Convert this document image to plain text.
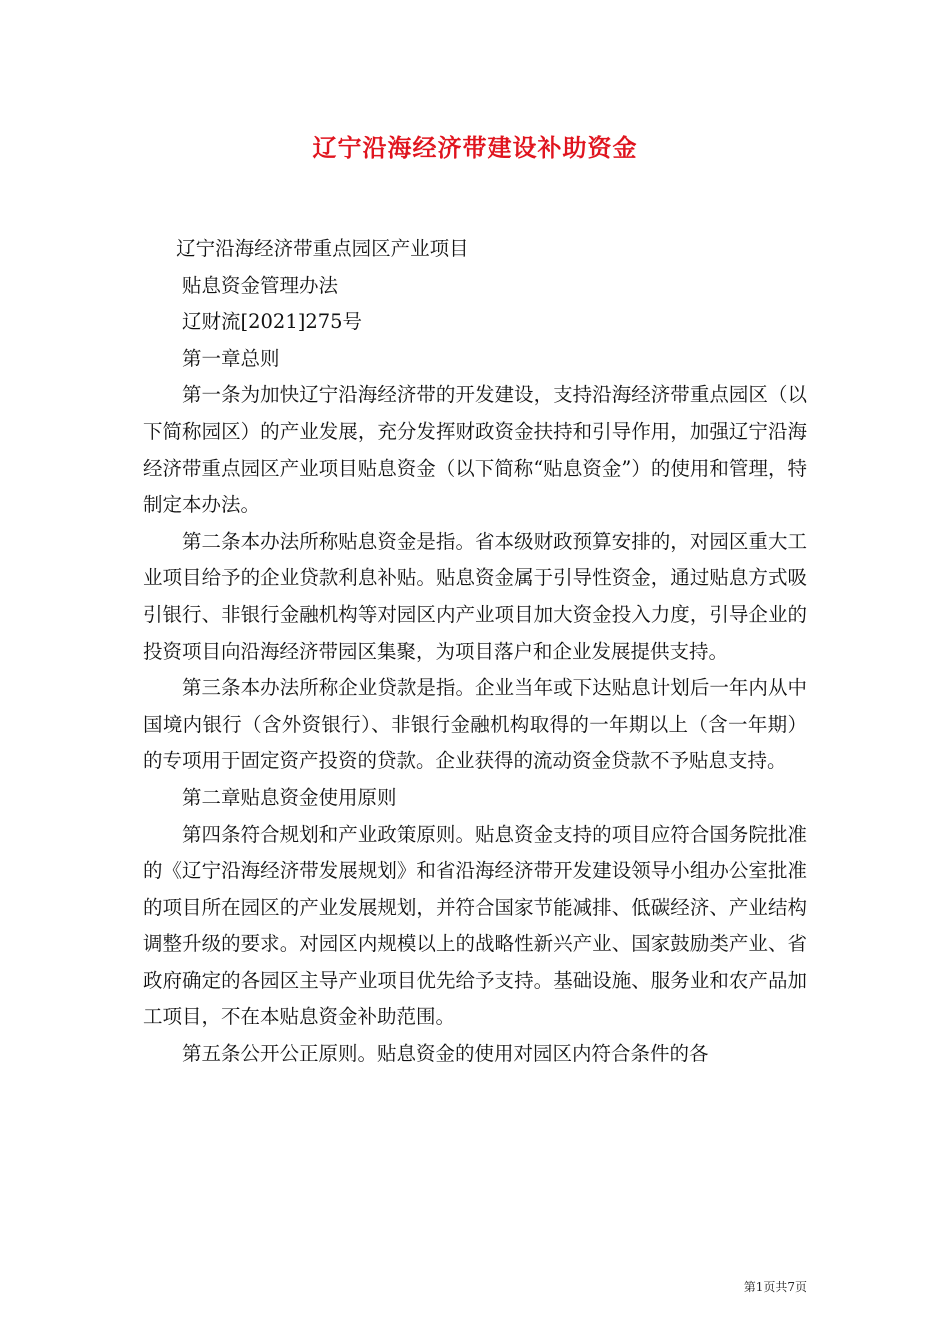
辽宁沿海经济带建设补助资金

辽宁沿海经济带重点园区产业项目

贴息资金管理办法

辽财流[2021]275号

第一章总则

第一条为加快辽宁沿海经济带的开发建设，支持沿海经济带重点园区（以下简称园区）的产业发展，充分发挥财政资金扶持和引导作用，加强辽宁沿海经济带重点园区产业项目贴息资金（以下简称“贴息资金”）的使用和管理，特制定本办法。

第二条本办法所称贴息资金是指。省本级财政预算安排的，对园区重大工业项目给予的企业贷款利息补贴。贴息资金属于引导性资金，通过贴息方式吸引银行、非银行金融机构等对园区内产业项目加大资金投入力度，引导企业的投资项目向沿海经济带园区集聚，为项目落户和企业发展提供支持。

第三条本办法所称企业贷款是指。企业当年或下达贴息计划后一年内从中国境内银行（含外资银行）、非银行金融机构取得的一年期以上（含一年期）的专项用于固定资产投资的贷款。企业获得的流动资金贷款不予贴息支持。

第二章贴息资金使用原则

第四条符合规划和产业政策原则。贴息资金支持的项目应符合国务院批准的《辽宁沿海经济带发展规划》和省沿海经济带开发建设领导小组办公室批准的项目所在园区的产业发展规划，并符合国家节能减排、低碳经济、产业结构调整升级的要求。对园区内规模以上的战略性新兴产业、国家鼓励类产业、省政府确定的各园区主导产业项目优先给予支持。基础设施、服务业和农产品加工项目，不在本贴息资金补助范围。

第五条公开公正原则。贴息资金的使用对园区内符合条件的各

第1页共7页
